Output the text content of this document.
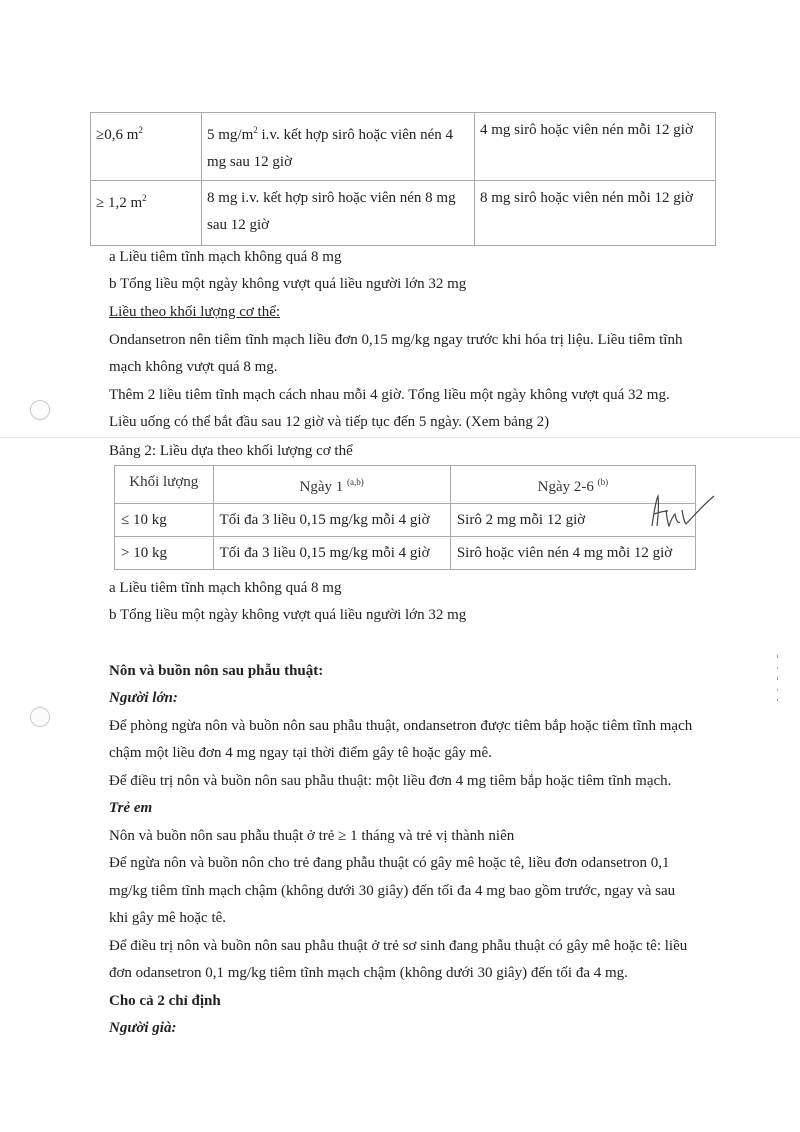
≥0,6 $m^2$	5 $mg/m^2$ i.v. kết hợp sirô hoặc viên nén 4 mg sau 12 giờ	4 mg sirô hoặc viên nén mỗi 12 giờ
≥ 1,2 $m^2$	8 mg i.v. kết hợp sirô hoặc viên nén 8 mg sau 12 giờ	8 mg sirô hoặc viên nén mỗi 12 giờ
a Liều tiêm tĩnh mạch không quá 8 mg
b Tổng liều một ngày không vượt quá liều người lớn 32 mg
Liều theo khối lượng cơ thể:
Ondansetron nên tiêm tĩnh mạch liều đơn 0,15 mg/kg ngay trước khi hóa trị liệu. Liều tiêm tĩnh
mạch không vượt quá 8 mg.
Thêm 2 liều tiêm tĩnh mạch cách nhau mỗi 4 giờ. Tổng liều một ngày không vượt quá 32 mg.
Liều uống có thể bắt đầu sau 12 giờ và tiếp tục đến 5 ngày. (Xem bảng 2)
Bảng 2: Liều dựa theo khối lượng cơ thể
Khối lượng	Ngày 1 $^{(a,b)}$	Ngày 2-6 $^{(b)}$
≤ 10 kg	Tối đa 3 liều 0,15 mg/kg mỗi 4 giờ	Sirô 2 mg mỗi 12 giờ
> 10 kg	Tối đa 3 liều 0,15 mg/kg mỗi 4 giờ	Sirô hoặc viên nén 4 mg mỗi 12 giờ
a Liều tiêm tĩnh mạch không quá 8 mg
b Tổng liều một ngày không vượt quá liều người lớn 32 mg
Nôn và buồn nôn sau phẫu thuật:
Người lớn:
Để phòng ngừa nôn và buồn nôn sau phẫu thuật, ondansetron được tiêm bắp hoặc tiêm tĩnh mạch
chậm một liều đơn 4 mg ngay tại thời điểm gây tê hoặc gây mê.
Để điều trị nôn và buồn nôn sau phẫu thuật: một liều đơn 4 mg tiêm bắp hoặc tiêm tĩnh mạch.
Trẻ em
Nôn và buồn nôn sau phẫu thuật ở trẻ ≥ 1 tháng và trẻ vị thành niên
Để ngừa nôn và buồn nôn cho trẻ đang phẫu thuật có gây mê hoặc tê, liều đơn odansetron 0,1
mg/kg tiêm tĩnh mạch chậm (không dưới 30 giây) đến tối đa 4 mg bao gồm trước, ngay và sau
khi gây mê hoặc tê.
Để điều trị nôn và buồn nôn sau phẫu thuật ở trẻ sơ sinh đang phẫu thuật có gây mê hoặc tê: liều
đơn odansetron 0,1 mg/kg tiêm tĩnh mạch chậm (không dưới 30 giây) đến tối đa 4 mg.
Cho cả 2 chỉ định
Người già:
